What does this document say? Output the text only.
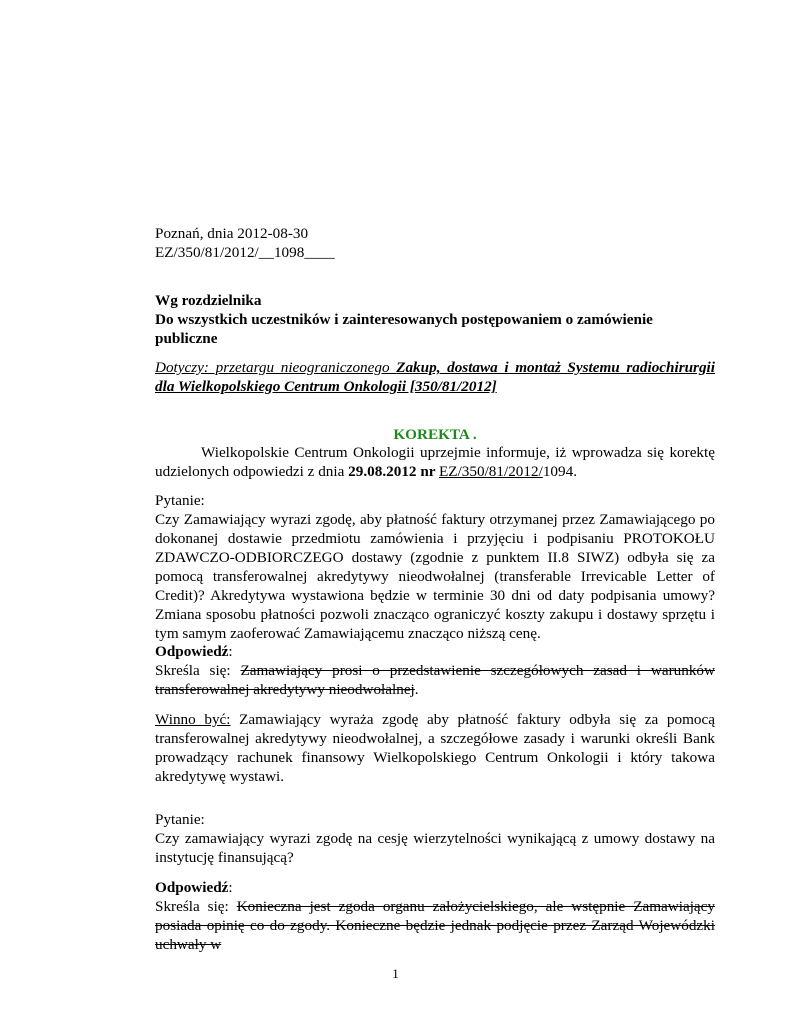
Poznań, dnia 2012-08-30
EZ/350/81/2012/__1098____
Wg rozdzielnika
Do wszystkich uczestników i zainteresowanych postępowaniem o zamówienie publiczne
Dotyczy: przetargu nieograniczonego Zakup, dostawa i montaż Systemu radiochirurgii dla Wielkopolskiego Centrum Onkologii [350/81/2012]
KOREKTA .
Wielkopolskie Centrum Onkologii uprzejmie informuje, iż wprowadza się korektę udzielonych odpowiedzi z dnia 29.08.2012 nr EZ/350/81/2012/1094.
Pytanie:
Czy Zamawiający wyrazi zgodę, aby płatność faktury otrzymanej przez Zamawiającego po dokonanej dostawie przedmiotu zamówienia i przyjęciu i podpisaniu PROTOKOŁU ZDAWCZO-ODBIORCZEGO dostawy (zgodnie z punktem II.8 SIWZ) odbyła się za pomocą transferowalnej akredytywy nieodwołalnej (transferable Irrevicable Letter of Credit)? Akredytywa wystawiona będzie w terminie 30 dni od daty podpisania umowy? Zmiana sposobu płatności pozwoli znacząco ograniczyć koszty zakupu i dostawy sprzętu i tym samym zaoferować Zamawiającemu znacząco niższą cenę.
Odpowiedź:
Skreśla się: Zamawiający prosi o przedstawienie szczegółowych zasad i warunków transferowalnej akredytywy nieodwołalnej.
Winno być: Zamawiający wyraża zgodę aby płatność faktury odbyła się za pomocą transferowalnej akredytywy nieodwołalnej, a szczegółowe zasady i warunki określi Bank prowadzący rachunek finansowy Wielkopolskiego Centrum Onkologii i który takowa akredytywę wystawi.
Pytanie:
Czy zamawiający wyrazi zgodę na cesję wierzytelności wynikającą z umowy dostawy na instytucję finansującą?
Odpowiedź:
Skreśla się: Konieczna jest zgoda organu założycielskiego, ale wstępnie Zamawiający posiada opinię co do zgody. Konieczne będzie jednak podjęcie przez Zarząd Wojewódzki uchwały w
1
